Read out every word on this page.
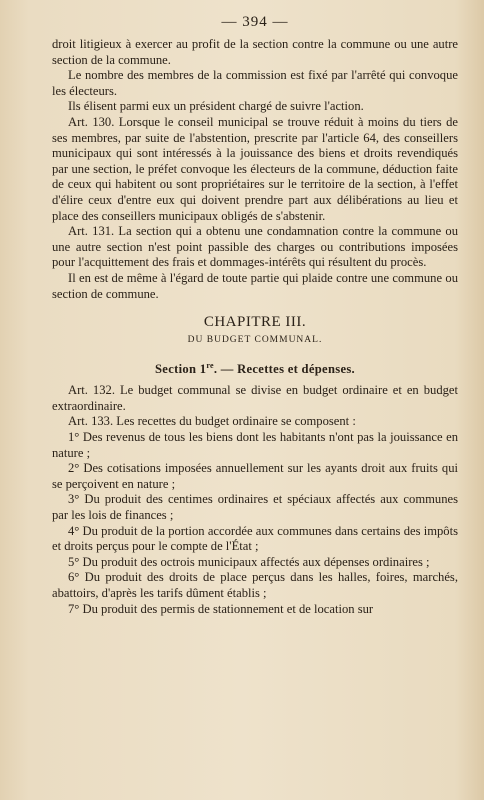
— 394 —

droit litigieux à exercer au profit de la section contre la commune ou une autre section de la commune.

Le nombre des membres de la commission est fixé par l'arrêté qui convoque les électeurs.

Ils élisent parmi eux un président chargé de suivre l'action.

Art. 130. Lorsque le conseil municipal se trouve réduit à moins du tiers de ses membres, par suite de l'abstention, prescrite par l'article 64, des conseillers municipaux qui sont intéressés à la jouissance des biens et droits revendiqués par une section, le préfet convoque les électeurs de la commune, déduction faite de ceux qui habitent ou sont propriétaires sur le territoire de la section, à l'effet d'élire ceux d'entre eux qui doivent prendre part aux délibérations au lieu et place des conseillers municipaux obligés de s'abstenir.

Art. 131. La section qui a obtenu une condamnation contre la commune ou une autre section n'est point passible des charges ou contributions imposées pour l'acquittement des frais et dommages-intérêts qui résultent du procès.

Il en est de même à l'égard de toute partie qui plaide contre une commune ou section de commune.

CHAPITRE III.
DU BUDGET COMMUNAL.
Section 1re. — Recettes et dépenses.

Art. 132. Le budget communal se divise en budget ordinaire et en budget extraordinaire.

Art. 133. Les recettes du budget ordinaire se composent :

1° Des revenus de tous les biens dont les habitants n'ont pas la jouissance en nature ;

2° Des cotisations imposées annuellement sur les ayants droit aux fruits qui se perçoivent en nature ;

3° Du produit des centimes ordinaires et spéciaux affectés aux communes par les lois de finances ;

4° Du produit de la portion accordée aux communes dans certains des impôts et droits perçus pour le compte de l'État ;

5° Du produit des octrois municipaux affectés aux dépenses ordinaires ;

6° Du produit des droits de place perçus dans les halles, foires, marchés, abattoirs, d'après les tarifs dûment établis ;

7° Du produit des permis de stationnement et de location sur
